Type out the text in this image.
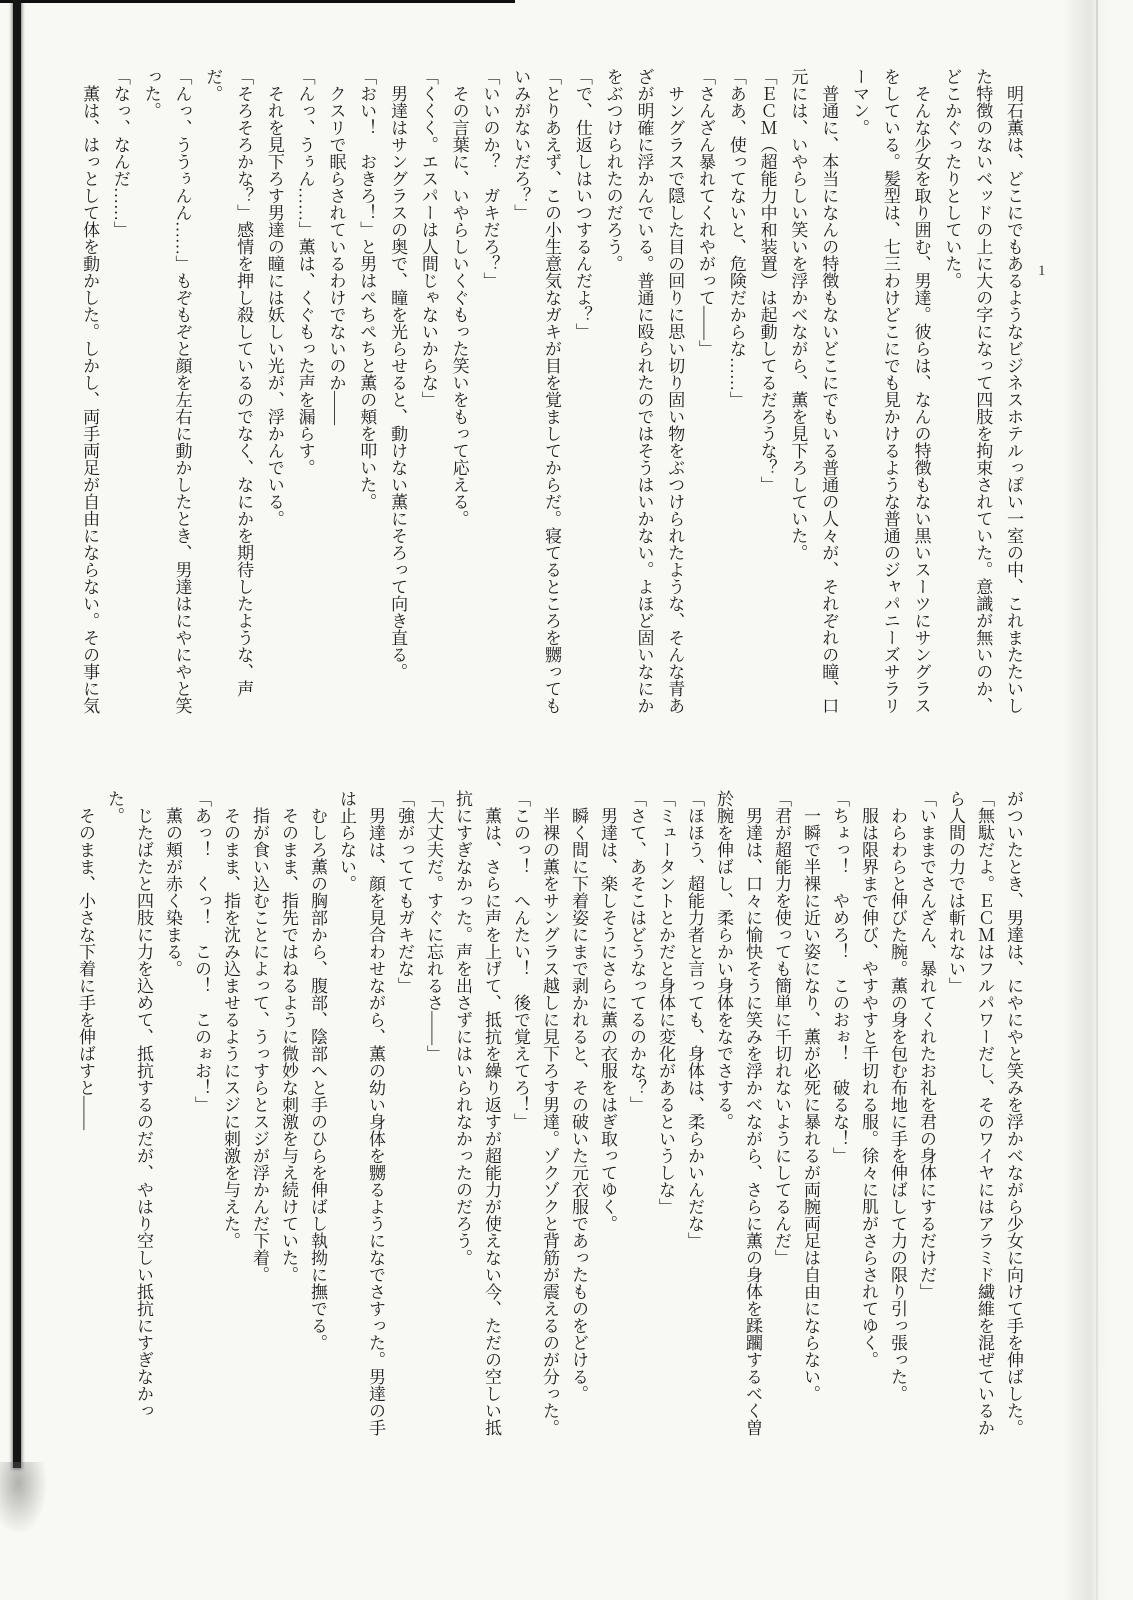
1

明石薫は、どこにでもあるようなビジネスホテルっぽい一室の中、これまたたいした特徴のないベッドの上に大の字になって四肢を拘束されていた。意識が無いのか、どこかぐったりとしていた。

そんな少女を取り囲む、男達。彼らは、なんの特徴もない黒いスーツにサングラスをしている。髪型は、七三わけどこにでも見かけるような普通のジャパニーズサラリーマン。

普通に、本当になんの特徴もないどこにでもいる普通の人々が、それぞれの瞳、口元には、いやらしい笑いを浮かべながら、薫を見下ろしていた。

「ＥＣＭ（超能力中和装置）は起動してるだろうな？」

「ああ、使ってないと、危険だからな……」

「さんざん暴れてくれやがって――」

サングラスで隠した目の回りに思い切り固い物をぶつけられたような、そんな青あざが明確に浮かんでいる。普通に殴られたのではそうはいかない。よほど固いなにかをぶつけられたのだろう。

「で、仕返しはいつするんだよ？」

「とりあえず、この小生意気なガキが目を覚ましてからだ。寝てるところを嬲ってもいみがないだろ？」

「いいのか？　ガキだろ？」

その言葉に、いやらしいくぐもった笑いをもって応える。

「くくく。エスパーは人間じゃないからな」

男達はサングラスの奥で、瞳を光らせると、動けない薫にそろって向き直る。

「おい！　おきろ！」と男はぺちぺちと薫の頬を叩いた。

クスリで眠らされているわけでないのか――

「んっ、うぅん……」薫は、くぐもった声を漏らす。

それを見下ろす男達の瞳には妖しい光が、浮かんでいる。

「そろそろかな？」感情を押し殺しているのでなく、なにかを期待したような、声だ。

「んっ、ううぅんん……」もぞもぞと顔を左右に動かしたとき、男達はにやにやと笑った。

「なっ、なんだ……」

薫は、はっとして体を動かした。しかし、両手両足が自由にならない。その事に気

がついたとき、男達は、にやにやと笑みを浮かべながら少女に向けて手を伸ばした。

「無駄だよ。ＥＣＭはフルパワーだし、そのワイヤにはアラミド繊維を混ぜているから人間の力では斬れない」

「いままでさんざん、暴れてくれたお礼を君の身体にするだけだ」

わらわらと伸びた腕。薫の身を包む布地に手を伸ばして力の限り引っ張った。

服は限界まで伸び、やすやすと千切れる服。徐々に肌がさらされてゆく。

「ちょっ！　やめろ！　このおぉ！　破るな！」

一瞬で半裸に近い姿になり、薫が必死に暴れるが両腕両足は自由にならない。

「君が超能力を使っても簡単に千切れないようにしてるんだ」

男達は、口々に愉快そうに笑みを浮かべながら、さらに薫の身体を蹂躙するべく曽於腕を伸ばし、柔らかい身体をなでさする。

「ほほう、超能力者と言っても、身体は、柔らかいんだな」

「ミュータントとかだと身体に変化があるというしな」

「さて、あそこはどうなってるのかな？」

男達は、楽しそうにさらに薫の衣服をはぎ取ってゆく。

瞬く間に下着姿にまで剥かれると、その破いた元衣服であったものをどける。

半裸の薫をサングラス越しに見下ろす男達。ゾクゾクと背筋が震えるのが分った。

「このっ！　へんたい！　後で覚えてろ！」

薫は、さらに声を上げて、抵抗を繰り返すが超能力が使えない今、ただの空しい抵抗にすぎなかった。声を出さずにはいられなかったのだろう。

「大丈夫だ。すぐに忘れるさ――」

「強がっててもガキだな」

男達は、顔を見合わせながら、薫の幼い身体を嬲るようになでさすった。男達の手は止らない。

むしろ薫の胸部から、腹部、陰部へと手のひらを伸ばし執拗に撫でる。

そのまま、指先ではねるように微妙な刺激を与え続けていた。

指が食い込むことによって、うっすらとスジが浮かんだ下着。

そのまま、指を沈み込ませるようにスジに刺激を与えた。

「あっ！　くっ！　この！　このぉお！」

薫の頬が赤く染まる。

じたばたと四肢に力を込めて、抵抗するのだが、やはり空しい抵抗にすぎなかった。

そのまま、小さな下着に手を伸ばすと――
